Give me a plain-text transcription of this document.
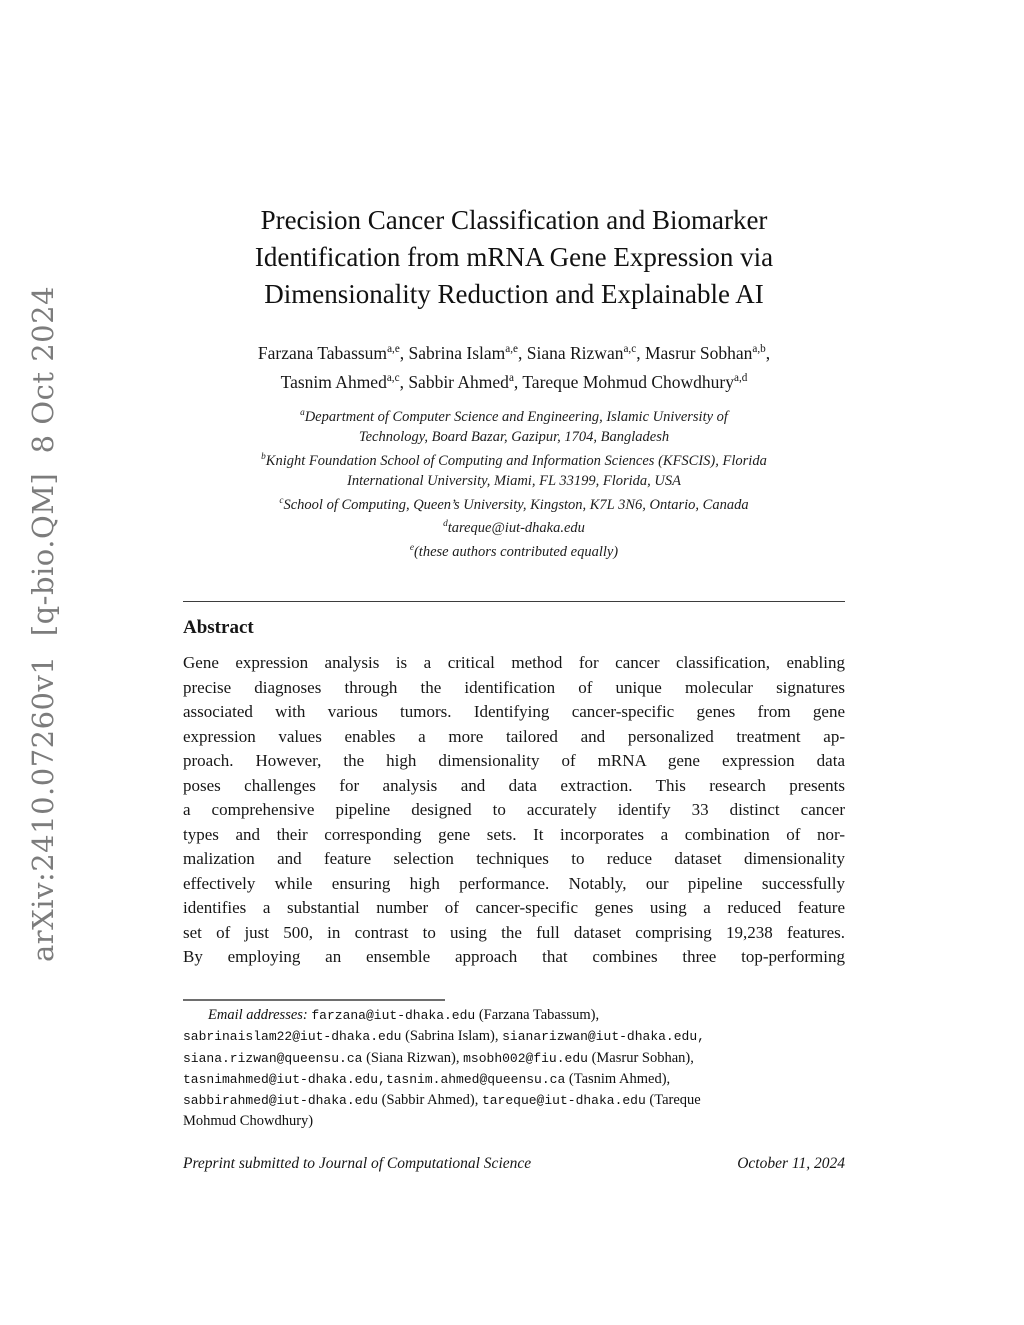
arXiv:2410.07260v1  [q-bio.QM]  8 Oct 2024
Precision Cancer Classification and Biomarker
Identification from mRNA Gene Expression via
Dimensionality Reduction and Explainable AI
Farzana Tabassum$^{a,e}$, Sabrina Islam$^{a,e}$, Siana Rizwan$^{a,c}$, Masrur Sobhan$^{a,b}$,
Tasnim Ahmed$^{a,c}$, Sabbir Ahmed$^a$, Tareque Mohmud Chowdhury$^{a,d}$
$^a$Department of Computer Science and Engineering, Islamic University of
Technology, Board Bazar, Gazipur, 1704, Bangladesh
$^b$Knight Foundation School of Computing and Information Sciences (KFSCIS), Florida
International University, Miami, FL 33199, Florida, USA
$^c$School of Computing, Queen’s University, Kingston, K7L 3N6, Ontario, Canada
$^d$tareque@iut-dhaka.edu
$^e$(these authors contributed equally)
Abstract
Gene expression analysis is a critical method for cancer classification, enabling
precise diagnoses through the identification of unique molecular signatures
associated with various tumors. Identifying cancer-specific genes from gene
expression values enables a more tailored and personalized treatment ap-
proach. However, the high dimensionality of mRNA gene expression data
poses challenges for analysis and data extraction. This research presents
a comprehensive pipeline designed to accurately identify 33 distinct cancer
types and their corresponding gene sets. It incorporates a combination of nor-
malization and feature selection techniques to reduce dataset dimensionality
effectively while ensuring high performance. Notably, our pipeline successfully
identifies a substantial number of cancer-specific genes using a reduced feature
set of just 500, in contrast to using the full dataset comprising 19,238 features.
By employing an ensemble approach that combines three top-performing
Email addresses: farzana@iut-dhaka.edu (Farzana Tabassum),
sabrinaislam22@iut-dhaka.edu (Sabrina Islam), sianarizwan@iut-dhaka.edu,
siana.rizwan@queensu.ca (Siana Rizwan), msobh002@fiu.edu (Masrur Sobhan),
tasnimahmed@iut-dhaka.edu,tasnim.ahmed@queensu.ca (Tasnim Ahmed),
sabbirahmed@iut-dhaka.edu (Sabbir Ahmed), tareque@iut-dhaka.edu (Tareque
Mohmud Chowdhury)
Preprint submitted to Journal of Computational Science	October 11, 2024
